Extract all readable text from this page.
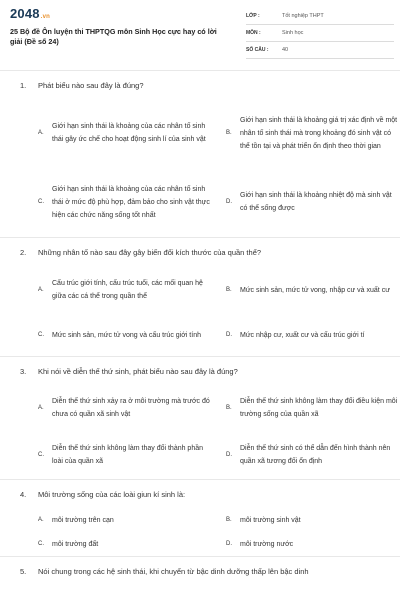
2048 .vn
25 Bộ đề Ôn luyện thi THPTQG môn Sinh Học cực hay có lời giải (Đề số 24)
LỚP :	Tốt nghiệp THPT
MÔN :	Sinh học
SỐ CÂU :	40
1. Phát biểu nào sau đây là đúng?
A.
Giới hạn sinh thái là khoảng của các nhân tố sinh thái gây ức chế cho hoạt động sinh lí của sinh vật
B.
Giới hạn sinh thái là khoảng giá trị xác định về một nhân tố sinh thái mà trong khoảng đó sinh vật có thể tồn tại và phát triển ổn định theo thời gian
C.
Giới hạn sinh thái là khoảng của các nhân tố sinh thái ở mức độ phù hợp, đảm bảo cho sinh vật thực hiện các chức năng sống tốt nhất
D.
Giới hạn sinh thái là khoảng nhiệt độ mà sinh vật có thể sống được
2. Những nhân tố nào sau đây gây biến đổi kích thước của quần thể?
A.
Cấu trúc giới tính, cấu trúc tuổi, các mối quan hệ giữa các cá thể trong quần thể
B.	Mức sinh sản, mức tử vong, nhập cư và xuất cư
C.	Mức sinh sản, mức tử vong và cấu trúc giới tính	D.	Mức nhập cư, xuất cư và cấu trúc giới tí
3. Khi nói về diễn thế thứ sinh, phát biểu nào sau đây là đúng?
A.
Diễn thế thứ sinh xảy ra ở môi trường mà trước đó chưa có quần xã sinh vật
B.
Diễn thế thứ sinh không làm thay đổi điều kiện môi trường sống của quần xã
C.
Diễn thế thứ sinh không làm thay đổi thành phần loài của quần xã
D.
Diễn thế thứ sinh có thể dẫn đến hình thành nên quần xã tương đối ổn định
4. Môi trường sống của các loài giun kí sinh là:
A.	môi trường trên cạn	B.	môi trường sinh vật
C.	môi trường đất	D.	môi trường nước
5. Nói chung trong các hệ sinh thái, khi chuyển từ bậc dinh dưỡng thấp lên bậc dinh
